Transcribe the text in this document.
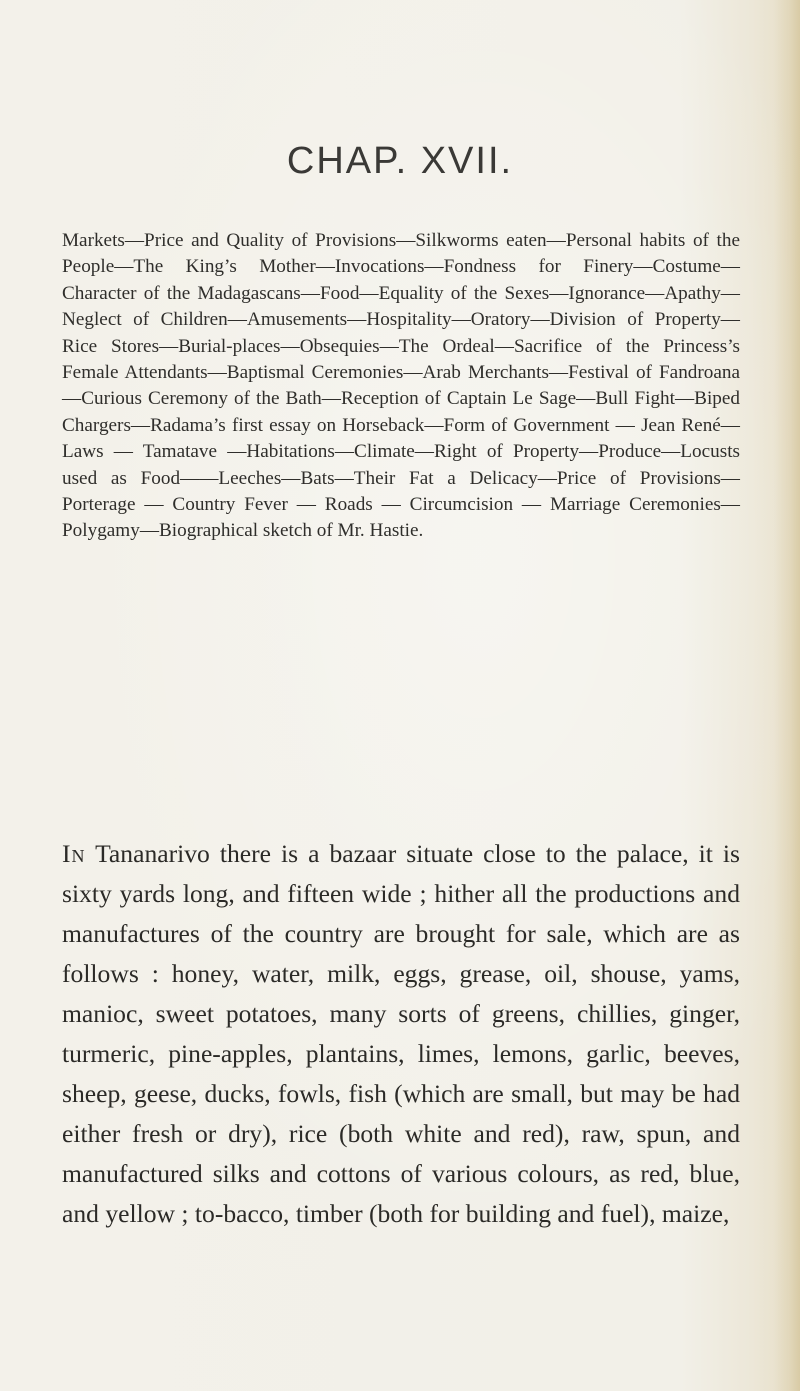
CHAP. XVII.

Markets—Price and Quality of Provisions—Silkworms eaten—Personal habits of the People—The King’s Mother—Invocations—Fondness for Finery—Costume—Character of the Madagascans—Food—Equality of the Sexes—Ignorance—Apathy—Neglect of Children—Amusements—Hospitality—Oratory—Division of Property—Rice Stores—Burial-places—Obsequies—The Ordeal—Sacrifice of the Princess’s Female Attendants—Baptismal Ceremonies—Arab Merchants—Festival of Fandroana—Curious Ceremony of the Bath—Reception of Captain Le Sage—Bull Fight—Biped Chargers—Radama’s first essay on Horseback—Form of Government — Jean René—Laws — Tamatave —Habitations—Climate—Right of Property—Produce—Locusts used as Food——Leeches—Bats—Their Fat a Delicacy—Price of Provisions—Porterage — Country Fever — Roads — Circumcision — Marriage Ceremonies—Polygamy—Biographical sketch of Mr. Hastie.

In Tananarivo there is a bazaar situate close to the palace, it is sixty yards long, and fifteen wide ; hither all the productions and manufactures of the country are brought for sale, which are as follows : honey, water, milk, eggs, grease, oil, shouse, yams, manioc, sweet potatoes, many sorts of greens, chillies, ginger, turmeric, pine-apples, plantains, limes, lemons, garlic, beeves, sheep, geese, ducks, fowls, fish (which are small, but may be had either fresh or dry), rice (both white and red), raw, spun, and manufactured silks and cottons of various colours, as red, blue, and yellow ; to-bacco, timber (both for building and fuel), maize,
